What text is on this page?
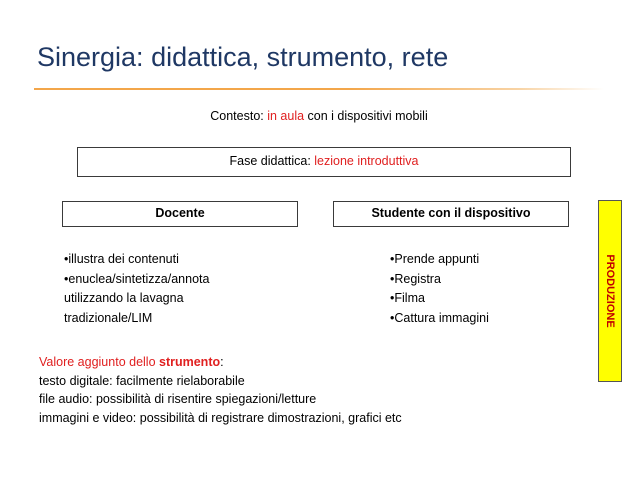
Sinergia: didattica, strumento, rete
Contesto: in aula con i dispositivi mobili
Fase didattica: lezione introduttiva
Docente	Studente con il dispositivo
PRODUZIONE
•illustra dei contenuti
•enuclea/sintetizza/annota
utilizzando la lavagna
tradizionale/LIM
•Prende appunti
•Registra
•Filma
•Cattura immagini
Valore aggiunto dello strumento:
testo digitale: facilmente rielaborabile
file audio: possibilità di risentire spiegazioni/letture
immagini e video: possibilità di registrare dimostrazioni, grafici etc
